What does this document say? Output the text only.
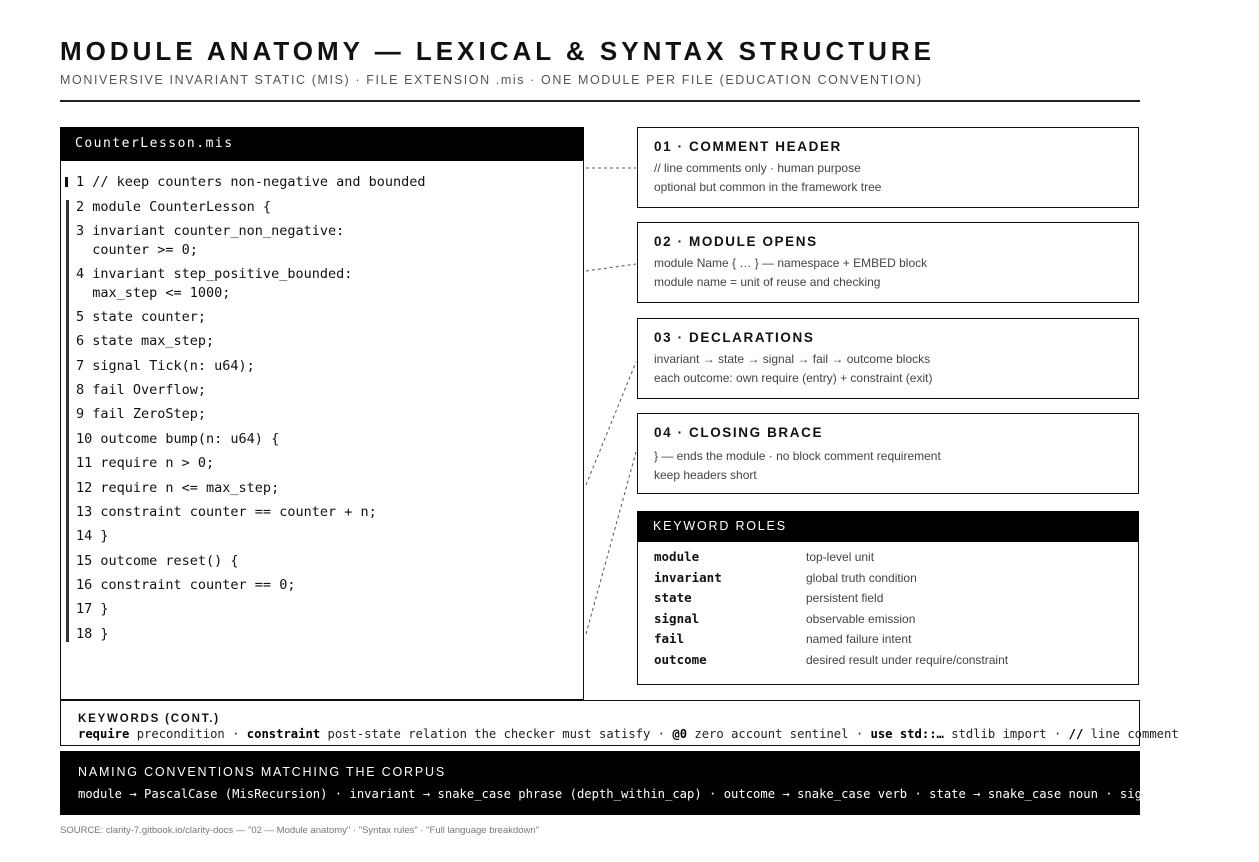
MODULE ANATOMY — LEXICAL & SYNTAX STRUCTURE
MONIVERSIVE INVARIANT STATIC (MIS) · FILE EXTENSION .mis · ONE MODULE PER FILE (EDUCATION CONVENTION)
CounterLesson.mis
1 // keep counters non-negative and bounded
2 module CounterLesson {
3 invariant counter_non_negative:
counter >= 0;
4 invariant step_positive_bounded:
max_step <= 1000;
5 state counter;
6 state max_step;
7 signal Tick(n: u64);
8 fail Overflow;
9 fail ZeroStep;
10 outcome bump(n: u64) {
11 require n > 0;
12 require n <= max_step;
13 constraint counter == counter + n;
14 }
15 outcome reset() {
16 constraint counter == 0;
17 }
18 }
01 · COMMENT HEADER
// line comments only · human purpose
optional but common in the framework tree
02 · MODULE OPENS
module Name { … } — namespace + EMBED block
module name = unit of reuse and checking
03 · DECLARATIONS
invariant → state → signal → fail → outcome blocks
each outcome: own require (entry) + constraint (exit)
04 · CLOSING BRACE
} — ends the module · no block comment requirement
keep headers short
KEYWORD ROLES
module	top-level unit
invariant	global truth condition
state	persistent field
signal	observable emission
fail	named failure intent
outcome	desired result under require/constraint
KEYWORDS (CONT.)
require precondition · constraint post-state relation the checker must satisfy · @0 zero account sentinel · use std::… stdlib import · // line comment
NAMING CONVENTIONS MATCHING THE CORPUS
module → PascalCase (MisRecursion) · invariant → snake_case phrase (depth_within_cap) · outcome → snake_case verb · state → snake_case noun · signal → PascalCase
SOURCE: clarity-7.gitbook.io/clarity-docs — "02 — Module anatomy" · "Syntax rules" · "Full language breakdown"
